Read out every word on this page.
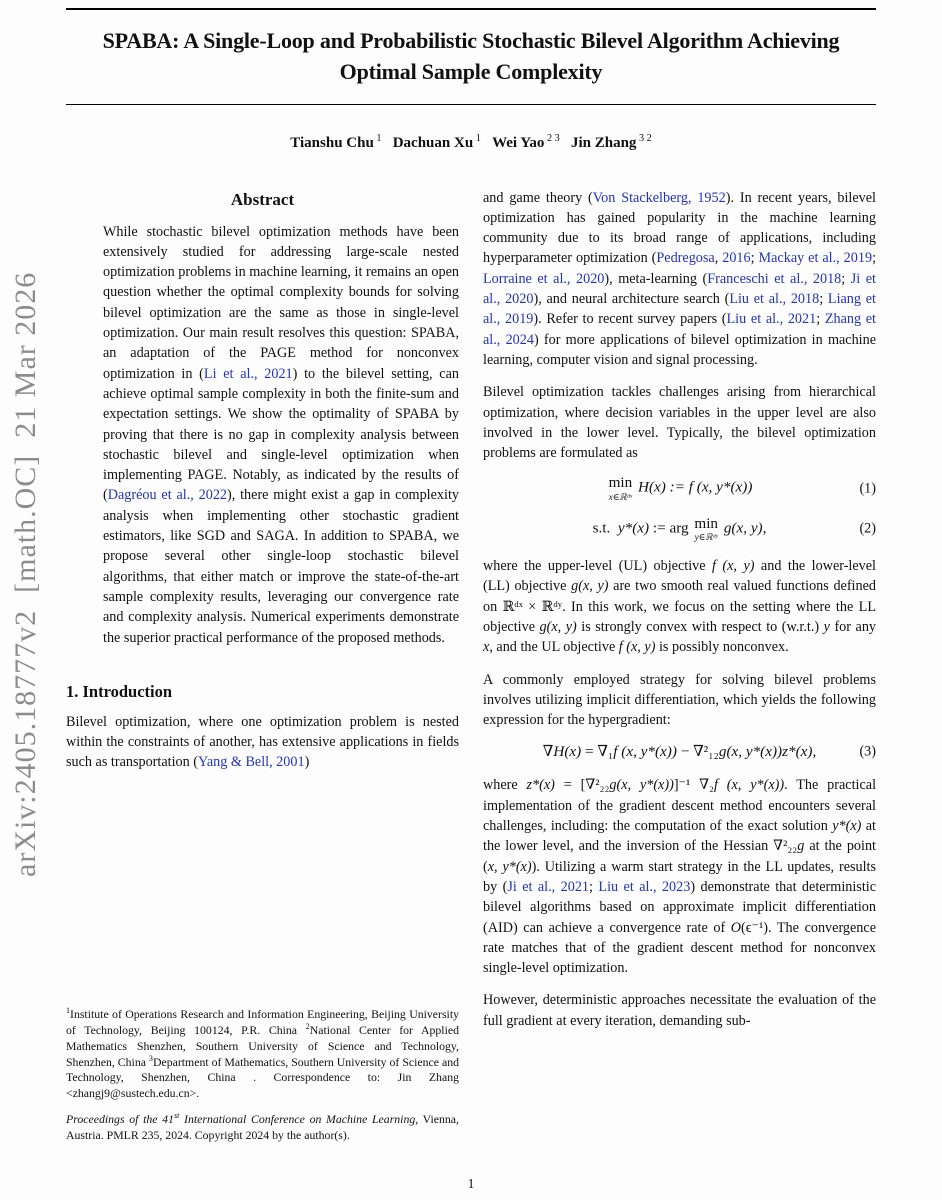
arXiv:2405.18777v2  [math.OC]  21 Mar 2026
SPABA: A Single-Loop and Probabilistic Stochastic Bilevel Algorithm Achieving Optimal Sample Complexity
Tianshu Chu $^1$ Dachuan Xu $^1$ Wei Yao $^{2 3}$ Jin Zhang $^{3 2}$
Abstract

While stochastic bilevel optimization methods have been extensively studied for addressing large-scale nested optimization problems in machine learning, it remains an open question whether the optimal complexity bounds for solving bilevel optimization are the same as those in single-level optimization. Our main result resolves this question: SPABA, an adaptation of the PAGE method for nonconvex optimization in (Li et al., 2021) to the bilevel setting, can achieve optimal sample complexity in both the finite-sum and expectation settings. We show the optimality of SPABA by proving that there is no gap in complexity analysis between stochastic bilevel and single-level optimization when implementing PAGE. Notably, as indicated by the results of (Dagréou et al., 2022), there might exist a gap in complexity analysis when implementing other stochastic gradient estimators, like SGD and SAGA. In addition to SPABA, we propose several other single-loop stochastic bilevel algorithms, that either match or improve the state-of-the-art sample complexity results, leveraging our convergence rate and complexity analysis. Numerical experiments demonstrate the superior practical performance of the proposed methods.

1. Introduction

Bilevel optimization, where one optimization problem is nested within the constraints of another, has extensive applications in fields such as transportation (Yang & Bell, 2001)

$^1$Institute of Operations Research and Information Engineering, Beijing University of Technology, Beijing 100124, P.R. China $^2$National Center for Applied Mathematics Shenzhen, Southern University of Science and Technology, Shenzhen, China $^3$Department of Mathematics, Southern University of Science and Technology, Shenzhen, China . Correspondence to: Jin Zhang <zhangj9@sustech.edu.cn>.
Proceedings of the 41st International Conference on Machine Learning, Vienna, Austria. PMLR 235, 2024. Copyright 2024 by the author(s).

and game theory (Von Stackelberg, 1952). In recent years, bilevel optimization has gained popularity in the machine learning community due to its broad range of applications, including hyperparameter optimization (Pedregosa, 2016; Mackay et al., 2019; Lorraine et al., 2020), meta-learning (Franceschi et al., 2018; Ji et al., 2020), and neural architecture search (Liu et al., 2018; Liang et al., 2019). Refer to recent survey papers (Liu et al., 2021; Zhang et al., 2024) for more applications of bilevel optimization in machine learning, computer vision and signal processing.

Bilevel optimization tackles challenges arising from hierarchical optimization, where decision variables in the upper level are also involved in the lower level. Typically, the bilevel optimization problems are formulated as

min
x∈ℝᵈˣ
H(x) := f (x, y*(x))	(1)
s.t.  y*(x) := arg min
y∈ℝᵈʸ
g(x, y),	(2)

where the upper-level (UL) objective f (x, y) and the lower-level (LL) objective g(x, y) are two smooth real valued functions defined on ℝᵈˣ × ℝᵈʸ. In this work, we focus on the setting where the LL objective g(x, y) is strongly convex with respect to (w.r.t.) y for any x, and the UL objective f (x, y) is possibly nonconvex.

A commonly employed strategy for solving bilevel problems involves utilizing implicit differentiation, which yields the following expression for the hypergradient:

∇H(x) = ∇₁f (x, y*(x)) − ∇²₁₂g(x, y*(x))z*(x),	(3)

where z*(x) = [∇²₂₂g(x, y*(x))]⁻¹ ∇₂f (x, y*(x)). The practical implementation of the gradient descent method encounters several challenges, including: the computation of the exact solution y*(x) at the lower level, and the inversion of the Hessian ∇²₂₂g at the point (x, y*(x)). Utilizing a warm start strategy in the LL updates, results by (Ji et al., 2021; Liu et al., 2023) demonstrate that deterministic bilevel algorithms based on approximate implicit differentiation (AID) can achieve a convergence rate of O(ϵ⁻¹). The convergence rate matches that of the gradient descent method for nonconvex single-level optimization.

However, deterministic approaches necessitate the evaluation of the full gradient at every iteration, demanding sub-

1
